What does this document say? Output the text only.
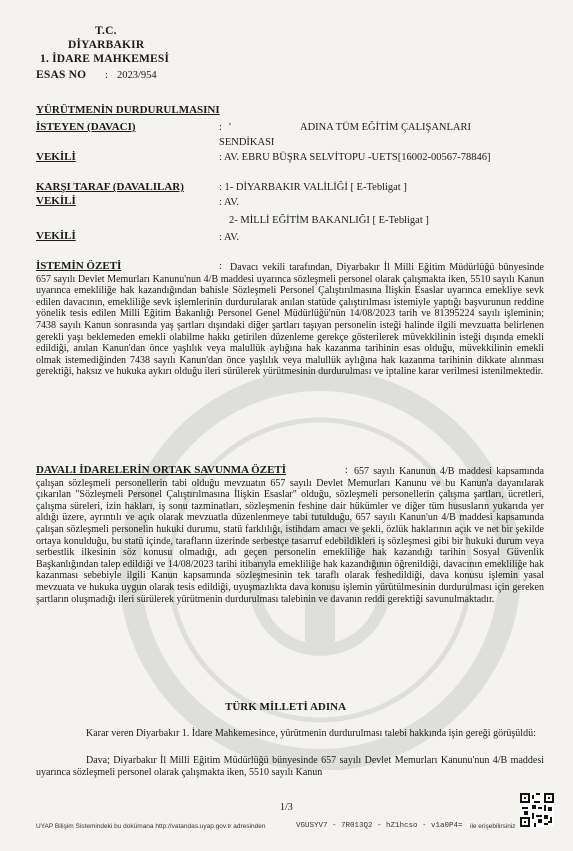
T.C.
DİYARBAKIR
1. İDARE MAHKEMESİ
ESAS NO : 2023/954
YÜRÜTMENİN DURDURULMASINI
İSTEYEN (DAVACI)	: '	ADINA TÜM EĞİTİM ÇALIŞANLARI
SENDİKASI
VEKİLİ	: AV. EBRU BÜŞRA SELVİTOPU -UETS[16002-00567-78846]
KARŞI TARAF (DAVALILAR)	: 1- DİYARBAKIR VALİLİĞİ [ E-Tebligat ]
VEKİLİ	: AV.
2- MİLLİ EĞİTİM BAKANLIĞI [ E-Tebligat ]
VEKİLİ	: AV.
İSTEMİN ÖZETİ	: Davacı vekili tarafından, Diyarbakır İl Milli Eğitim Müdürlüğü bünyesinde 657 sayılı Devlet Memurları Kanunu'nun 4/B maddesi uyarınca sözleşmeli personel olarak çalışmakta iken, 5510 sayılı Kanun uyarınca emekliliğe hak kazandığından bahisle Sözleşmeli Personel Çalıştırılmasına İlişkin Esaslar uyarınca emekliye sevk edilen davacının, emekliliğe sevk işlemlerinin durdurularak anılan statüde çalıştırılması istemiyle yaptığı başvurunun reddine yönelik tesis edilen Milli Eğitim Bakanlığı Personel Genel Müdürlüğü'nün 14/08/2023 tarih ve 81395224 sayılı işleminin; 7438 sayılı Kanun sonrasında yaş şartları dışındaki diğer şartları taşıyan personelin isteği halinde ilgili mevzuatta belirlenen gerekli yaşı beklemeden emekli olabilme hakkı getirilen düzenleme gerekçe gösterilerek müvekkilinin isteği dışında emekli edildiği, anılan Kanun'dan önce yaşlılık veya malullük aylığına hak kazanma tarihinin esas olduğu, müvekkilinin emekli olmak istemediğinden 7438 sayılı Kanun'dan önce yaşlılık veya malullük aylığına hak kazanma tarihinin dikkate alınması gerektiği, haksız ve hukuka aykırı olduğu ileri sürülerek yürütmesinin durdurulması ve iptaline karar verilmesi istenilmektedir.
DAVALI İDARELERİN ORTAK SAVUNMA ÖZETİ	: 657 sayılı Kanunun 4/B maddesi kapsamında çalışan sözleşmeli personellerin tabi olduğu mevzuatın 657 sayılı Devlet Memurları Kanunu ve bu Kanun'a dayanılarak çıkarılan "Sözleşmeli Personel Çalıştırılmasına İlişkin Esaslar" olduğu, sözleşmeli personellerin çalışma şartları, ücretleri, çalışma süreleri, izin hakları, iş sonu tazminatları, sözleşmenin feshine dair hükümler ve diğer tüm hususların yukarıda yer aldığı üzere, ayrıntılı ve açık olarak mevzuatla düzenlenmeye tabi tutulduğu, 657 sayılı Kanun'un 4/B maddesi kapsamında çalışan sözleşmeli personelin hukuki durumu, statü farklılığı, istihdam amacı ve şekli, özlük haklarının açık ve net bir şekilde ortaya konulduğu, bu statü içinde, tarafların üzerinde serbestçe tasarruf edebildikleri iş sözleşmesi gibi bir hukuki durum veya serbestlik ilkesinin söz konusu olmadığı, adı geçen personelin emekliliğe hak kazandığı tarihin Sosyal Güvenlik Başkanlığından talep edildiği ve 14/08/2023 tarihi itibarıyla emekliliğe hak kazandığının öğrenildiği, davacının emekliliğe hak kazanması sebebiyle ilgili Kanun kapsamında sözleşmesinin tek taraflı olarak feshedildiği, dava konusu işlemin yasal mevzuata ve hukuka uygun olarak tesis edildiği, uyuşmazlıkta dava konusu işlemin yürütülmesinin durdurulması için gereken şartların oluşmadığı ileri sürülerek yürütmenin durdurulması talebinin ve davanın reddi gerektiği savunulmaktadır.
TÜRK MİLLETİ ADINA
Karar veren Diyarbakır 1. İdare Mahkemesince, yürütmenin durdurulması talebi hakkında işin gereği görüşüldü:
Dava; Diyarbakır İl Milli Eğitim Müdürlüğü bünyesinde 657 sayılı Devlet Memurları Kanunu'nun 4/B maddesi uyarınca sözleşmeli personel olarak çalışmakta iken, 5510 sayılı Kanun
1/3
UYAP Bilişim Sistemindeki bu dokümana http://vatandas.uyap.gov.tr adresinden	VGUSYV7 - 7R013Q2 - hZ1hcso - v1a0P4= ile erişebilirsiniz
